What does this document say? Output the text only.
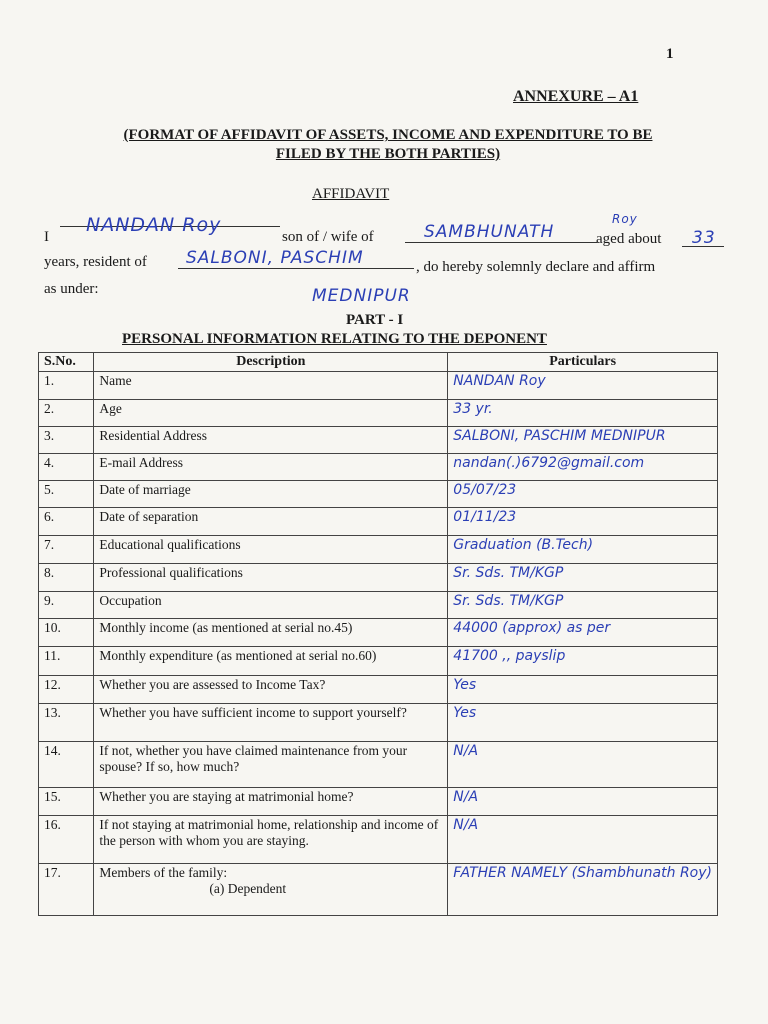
1
ANNEXURE – A1
(FORMAT OF AFFIDAVIT OF ASSETS, INCOME AND EXPENDITURE TO BE
FILED BY THE BOTH PARTIES)
AFFIDAVIT
I
NANDAN Roy
son of / wife of	SAMBHUNATH
Roy
aged about 33
years, resident of SALBONI, PASCHIM	, do hereby solemnly declare and affirm
as under:	MEDNIPUR
PART - I
PERSONAL INFORMATION RELATING TO THE DEPONENT
S.No.	Description	Particulars
1.	Name	NANDAN Roy

2.	Age	33 yr.

3.	Residential Address	SALBONI, PASCHIM MEDNIPUR

4.	E-mail Address	nandan(.)6792@gmail.com

5.	Date of marriage	05/07/23

6.	Date of separation	01/11/23

7.	Educational qualifications	Graduation (B.Tech)

8.	Professional qualifications	Sr. Sds. TM/KGP

9.	Occupation	Sr. Sds. TM/KGP

10.	Monthly income (as mentioned at serial no.45)	44000 (approx) as per

11.	Monthly expenditure (as mentioned at serial no.60)	41700 ,, payslip

12.	Whether you are assessed to Income Tax?	Yes

13.	Whether you have sufficient income to support yourself?	Yes

14.	If not, whether you have claimed maintenance from your spouse? If so, how much?	N/A

15.	Whether you are staying at matrimonial home?	N/A

16.	If not staying at matrimonial home, relationship and income of the person with whom you are staying.	N/A

17.	Members of the family:
(a) Dependent	FATHER NAMELY (Shambhunath Roy)
